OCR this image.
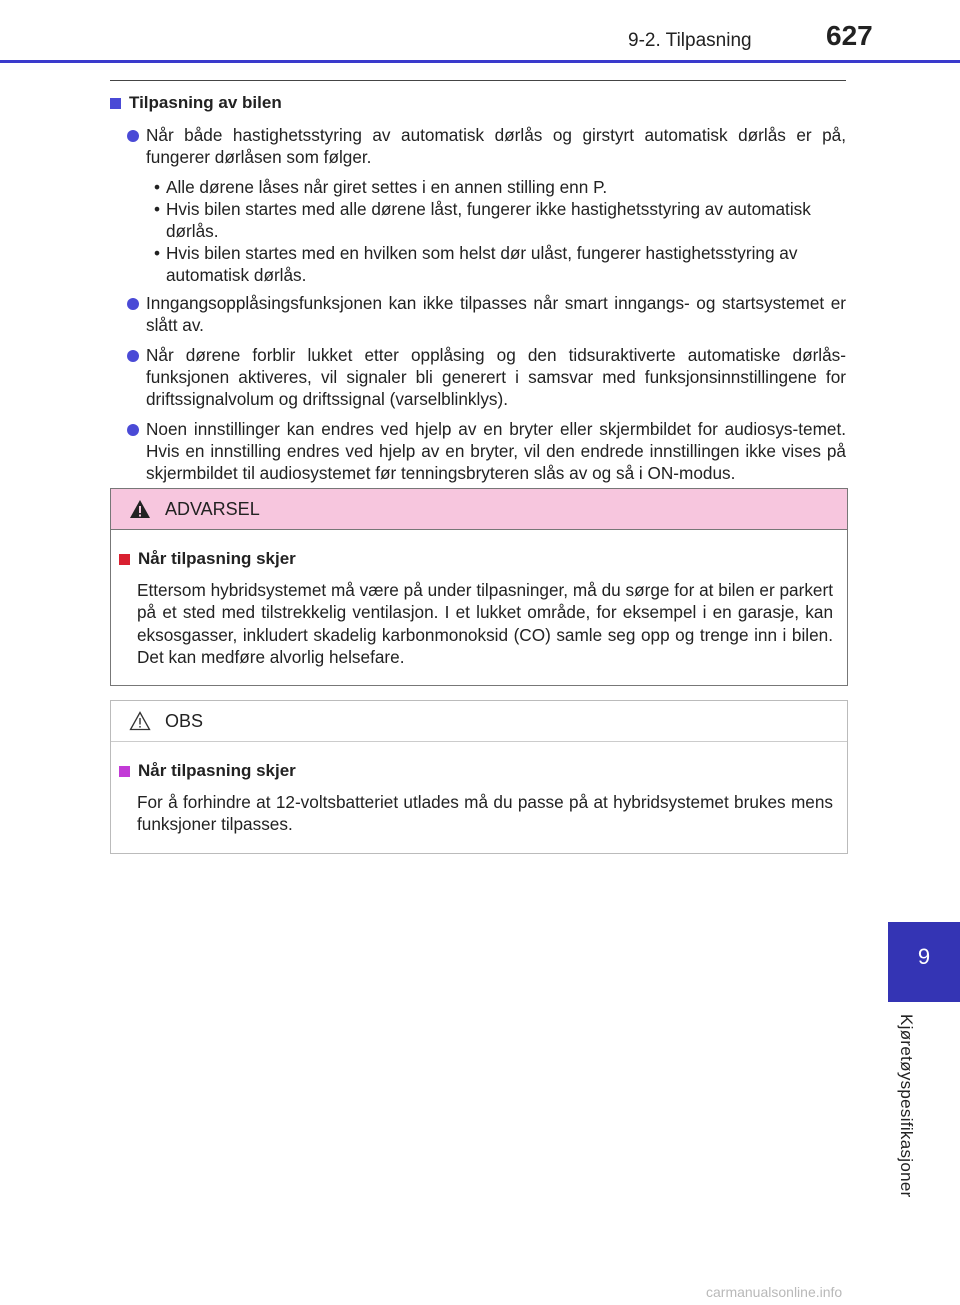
9-2. Tilpasning	627
Tilpasning av bilen
Når både hastighetsstyring av automatisk dørlås og girstyrt automatisk dørlås er på, fungerer dørlåsen som følger.

• Alle dørene låses når giret settes i en annen stilling enn P.

• Hvis bilen startes med alle dørene låst, fungerer ikke hastighetsstyring av automatisk dørlås.

• Hvis bilen startes med en hvilken som helst dør ulåst, fungerer hastighetsstyring av automatisk dørlås.

Inngangsopplåsingsfunksjonen kan ikke tilpasses når smart inngangs- og startsystemet er slått av.
Når dørene forblir lukket etter opplåsing og den tidsuraktiverte automatiske dørlås-funksjonen aktiveres, vil signaler bli generert i samsvar med funksjonsinnstillingene for driftssignalvolum og driftssignal (varselblinklys).
Noen innstillinger kan endres ved hjelp av en bryter eller skjermbildet for audiosys-temet. Hvis en innstilling endres ved hjelp av en bryter, vil den endrede innstillingen ikke vises på skjermbildet til audiosystemet før tenningsbryteren slås av og så i ON-modus.
ADVARSEL
Når tilpasning skjer
Ettersom hybridsystemet må være på under tilpasninger, må du sørge for at bilen er parkert på et sted med tilstrekkelig ventilasjon. I et lukket område, for eksempel i en garasje, kan eksosgasser, inkludert skadelig karbonmonoksid (CO) samle seg opp og trenge inn i bilen. Det kan medføre alvorlig helsefare.
OBS
Når tilpasning skjer
For å forhindre at 12-voltsbatteriet utlades må du passe på at hybridsystemet brukes mens funksjoner tilpasses.
9
Kjøretøyspesifikasjoner
carmanualsonline.info
